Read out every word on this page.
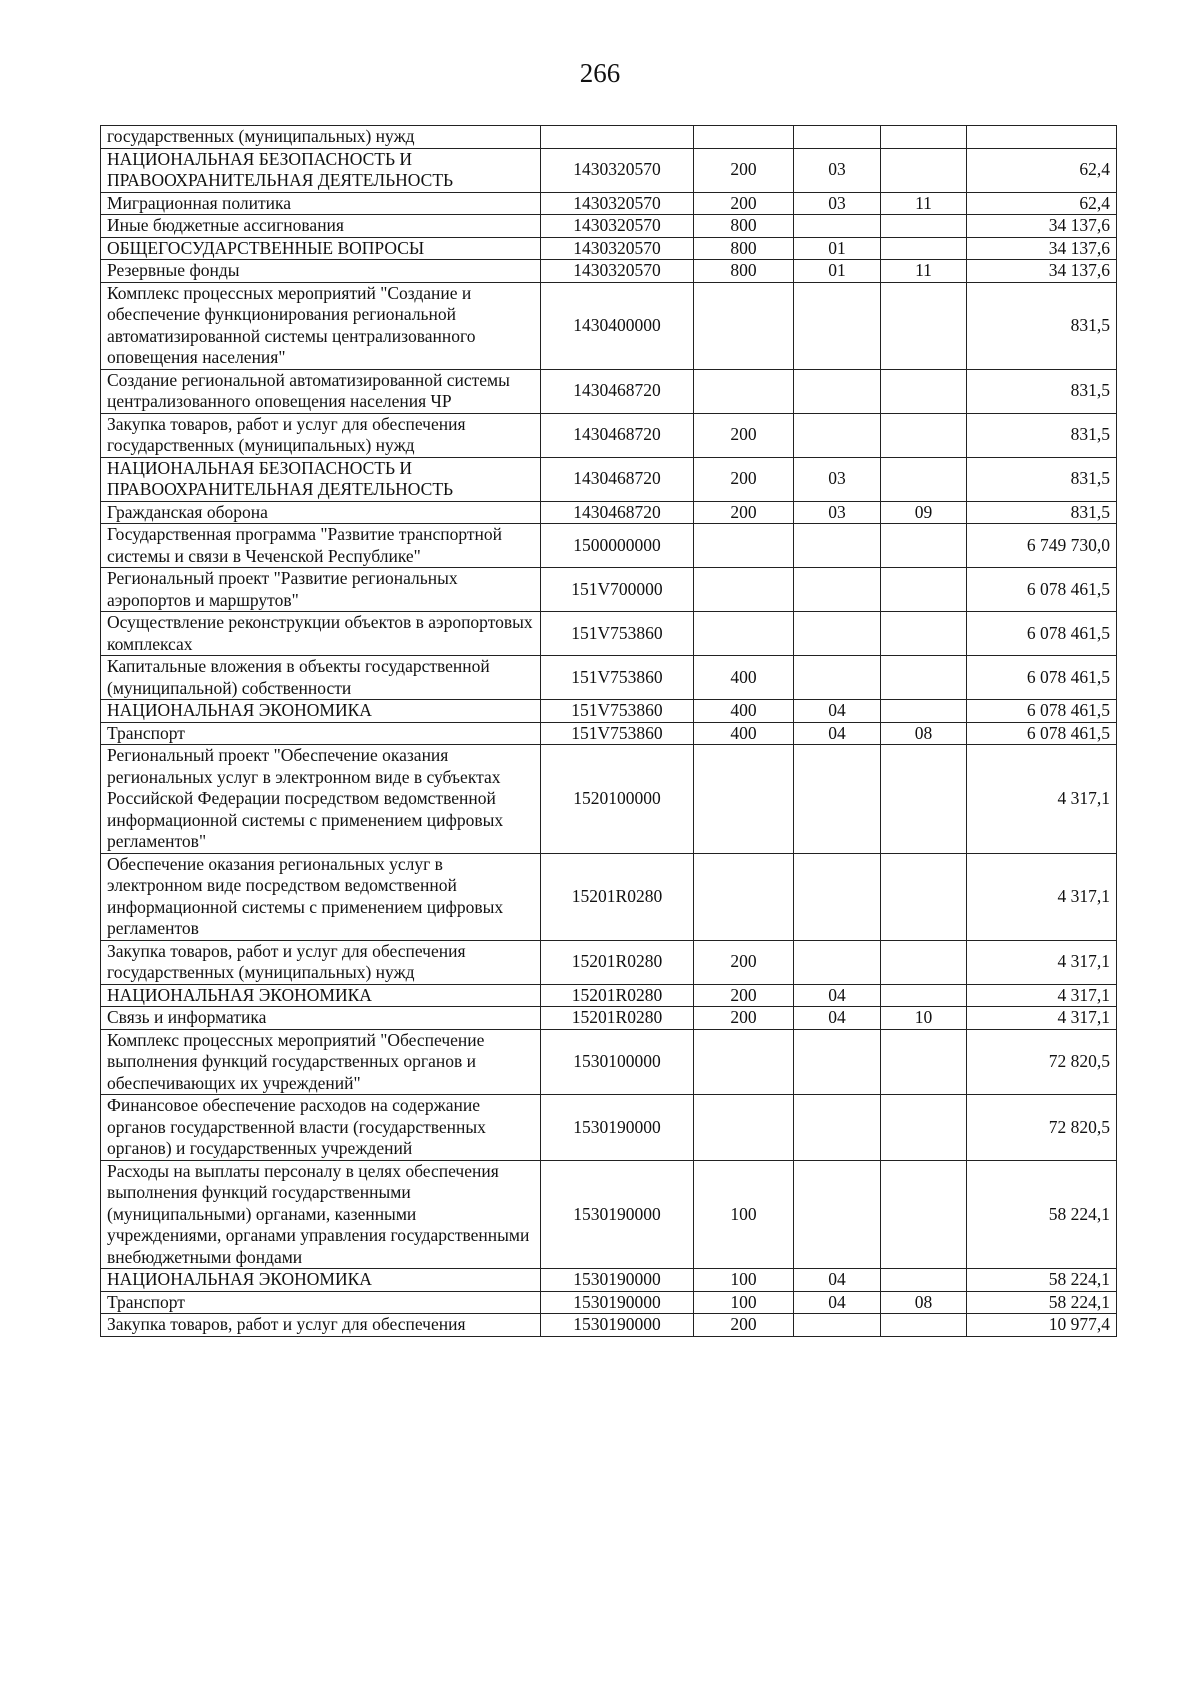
266
государственных (муниципальных) нужд					
НАЦИОНАЛЬНАЯ БЕЗОПАСНОСТЬ И ПРАВООХРАНИТЕЛЬНАЯ ДЕЯТЕЛЬНОСТЬ	1430320570	200	03		62,4
Миграционная политика	1430320570	200	03	11	62,4
Иные бюджетные ассигнования	1430320570	800			34 137,6
ОБЩЕГОСУДАРСТВЕННЫЕ ВОПРОСЫ	1430320570	800	01		34 137,6
Резервные фонды	1430320570	800	01	11	34 137,6
Комплекс процессных мероприятий "Создание и обеспечение функционирования региональной автоматизированной системы централизованного оповещения населения"	1430400000				831,5
Создание региональной автоматизированной системы централизованного оповещения населения ЧР	1430468720				831,5
Закупка товаров, работ и услуг для обеспечения государственных (муниципальных) нужд	1430468720	200			831,5
НАЦИОНАЛЬНАЯ БЕЗОПАСНОСТЬ И ПРАВООХРАНИТЕЛЬНАЯ ДЕЯТЕЛЬНОСТЬ	1430468720	200	03		831,5
Гражданская оборона	1430468720	200	03	09	831,5
Государственная программа "Развитие транспортной системы и связи в Чеченской Республике"	1500000000				6 749 730,0
Региональный проект "Развитие региональных аэропортов и маршрутов"	151V700000				6 078 461,5
Осуществление реконструкции объектов в аэропортовых комплексах	151V753860				6 078 461,5
Капитальные вложения в объекты государственной (муниципальной) собственности	151V753860	400			6 078 461,5
НАЦИОНАЛЬНАЯ ЭКОНОМИКА	151V753860	400	04		6 078 461,5
Транспорт	151V753860	400	04	08	6 078 461,5
Региональный проект "Обеспечение оказания региональных услуг в электронном виде в субъектах Российской Федерации посредством ведомственной информационной системы с применением цифровых регламентов"	1520100000				4 317,1
Обеспечение оказания региональных услуг в электронном виде посредством ведомственной информационной системы с применением цифровых регламентов	15201R0280				4 317,1
Закупка товаров, работ и услуг для обеспечения государственных (муниципальных) нужд	15201R0280	200			4 317,1
НАЦИОНАЛЬНАЯ ЭКОНОМИКА	15201R0280	200	04		4 317,1
Связь и информатика	15201R0280	200	04	10	4 317,1
Комплекс процессных мероприятий "Обеспечение выполнения функций государственных органов и обеспечивающих их учреждений"	1530100000				72 820,5
Финансовое обеспечение расходов на содержание органов государственной власти (государственных органов) и государственных учреждений	1530190000				72 820,5
Расходы на выплаты персоналу в целях обеспечения выполнения функций государственными (муниципальными) органами, казенными учреждениями, органами управления государственными внебюджетными фондами	1530190000	100			58 224,1
НАЦИОНАЛЬНАЯ ЭКОНОМИКА	1530190000	100	04		58 224,1
Транспорт	1530190000	100	04	08	58 224,1
Закупка товаров, работ и услуг для обеспечения	1530190000	200			10 977,4
